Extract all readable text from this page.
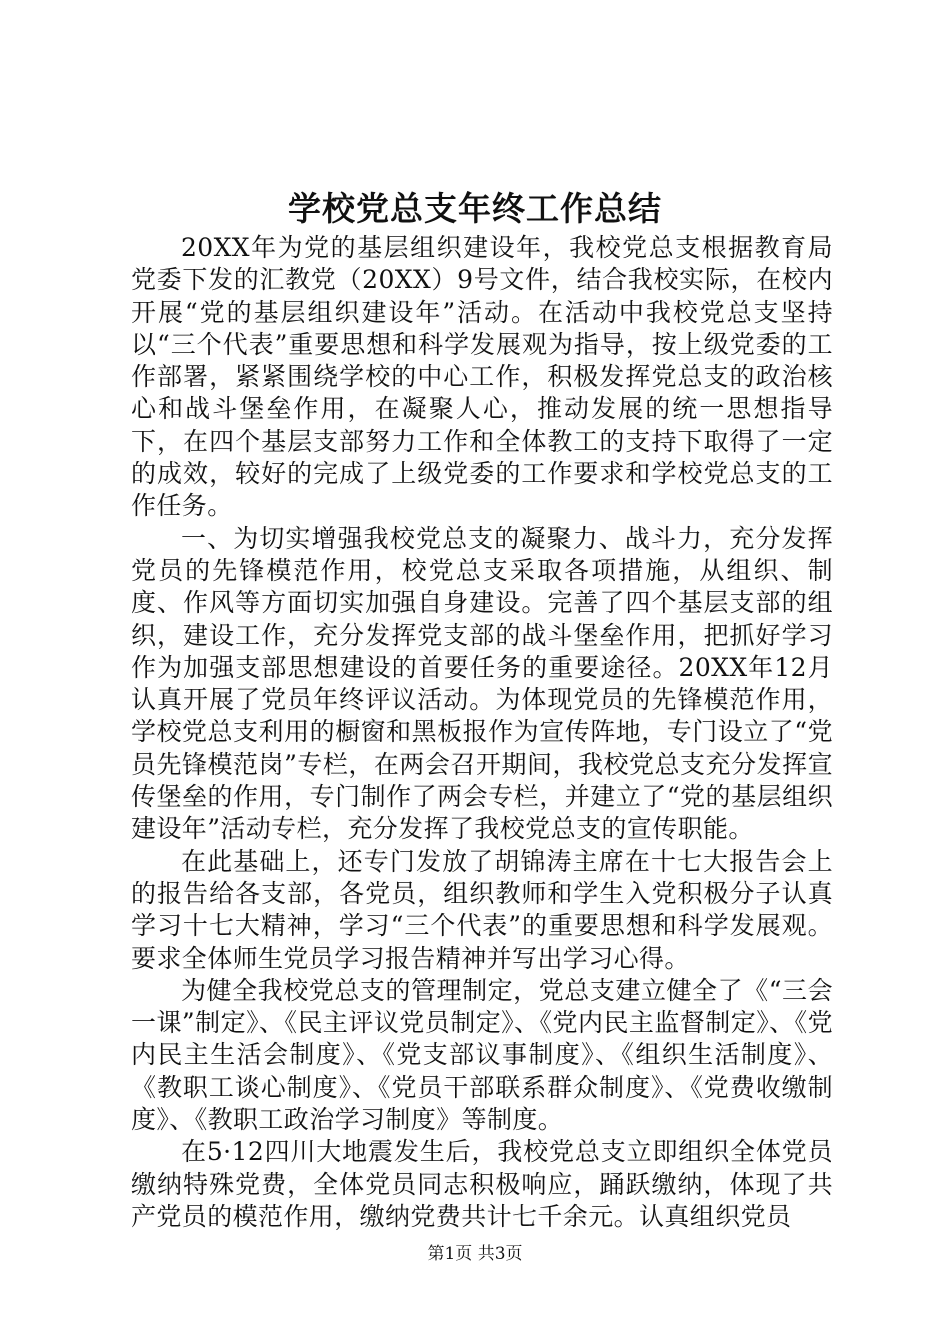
学校党总支年终工作总结

20XX年为党的基层组织建设年，我校党总支根据教育局党委下发的汇教党（20XX）9号文件，结合我校实际，在校内开展“党的基层组织建设年”活动。在活动中我校党总支坚持以“三个代表”重要思想和科学发展观为指导，按上级党委的工作部署，紧紧围绕学校的中心工作，积极发挥党总支的政治核心和战斗堡垒作用，在凝聚人心，推动发展的统一思想指导下，在四个基层支部努力工作和全体教工的支持下取得了一定的成效，较好的完成了上级党委的工作要求和学校党总支的工作任务。

一、为切实增强我校党总支的凝聚力、战斗力，充分发挥党员的先锋模范作用，校党总支采取各项措施，从组织、制度、作风等方面切实加强自身建设。完善了四个基层支部的组织，建设工作，充分发挥党支部的战斗堡垒作用，把抓好学习作为加强支部思想建设的首要任务的重要途径。20XX年12月认真开展了党员年终评议活动。为体现党员的先锋模范作用，学校党总支利用的橱窗和黑板报作为宣传阵地，专门设立了“党员先锋模范岗”专栏，在两会召开期间，我校党总支充分发挥宣传堡垒的作用，专门制作了两会专栏，并建立了“党的基层组织建设年”活动专栏，充分发挥了我校党总支的宣传职能。

在此基础上，还专门发放了胡锦涛主席在十七大报告会上的报告给各支部，各党员，组织教师和学生入党积极分子认真学习十七大精神，学习“三个代表”的重要思想和科学发展观。要求全体师生党员学习报告精神并写出学习心得。

为健全我校党总支的管理制定，党总支建立健全了《“三会一课”制定》、《民主评议党员制定》、《党内民主监督制定》、《党内民主生活会制度》、《党支部议事制度》、《组织生活制度》、《教职工谈心制度》、《党员干部联系群众制度》、《党费收缴制度》、《教职工政治学习制度》等制度。

在5·12四川大地震发生后，我校党总支立即组织全体党员缴纳特殊党费，全体党员同志积极响应，踊跃缴纳，体现了共产党员的模范作用，缴纳党费共计七千余元。认真组织党员

第1页 共3页
